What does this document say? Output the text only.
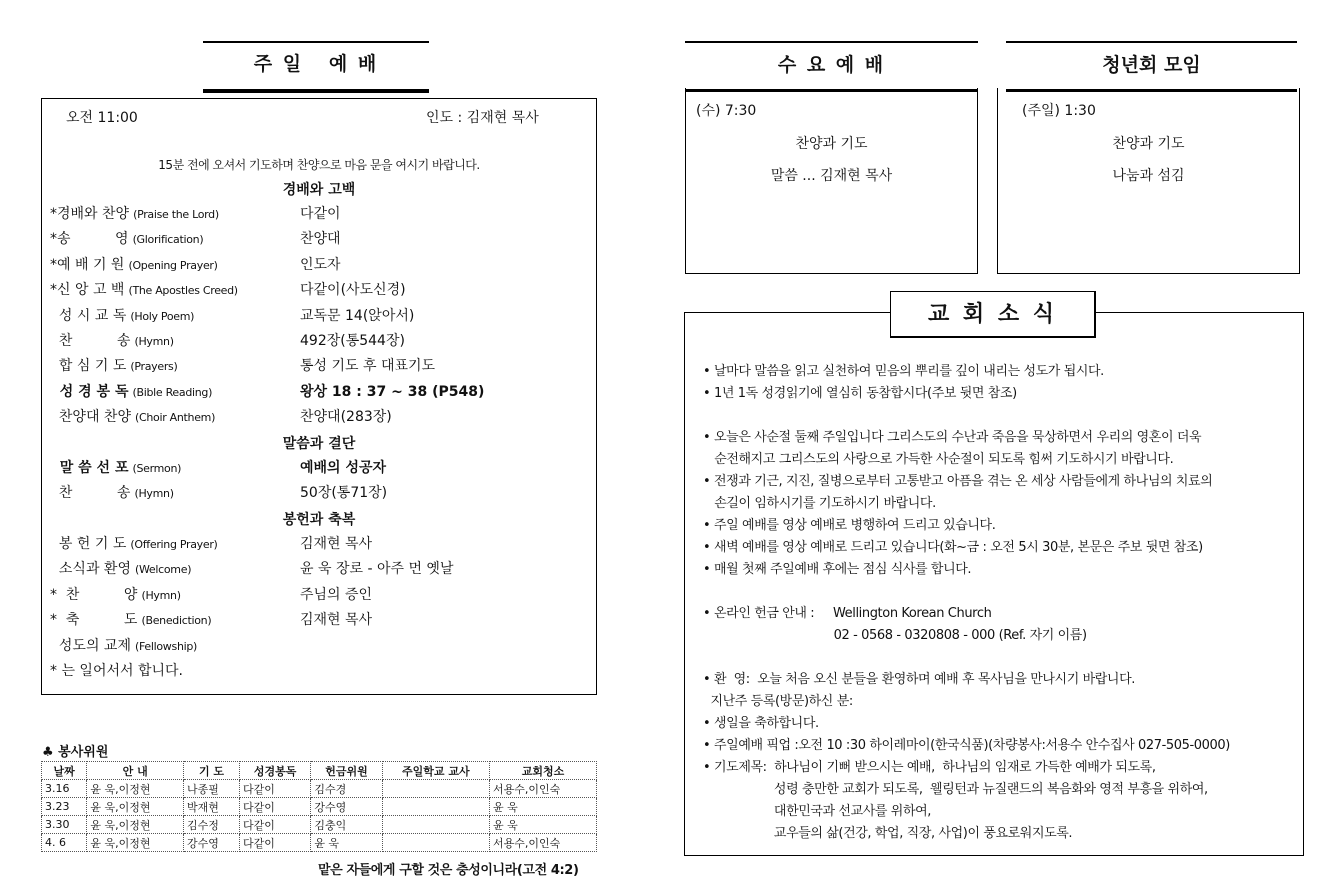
주 일   예 배
오전 11:00	인도 : 김재현 목사
15분 전에 오셔서 기도하며 찬양으로 마음 문을 여시기 바랍니다.
경배와 고백
*경배와 찬양 (Praise the Lord)	다같이
*송          영 (Glorification)	찬양대
*예 배 기 원 (Opening Prayer)	인도자
*신 앙 고 백 (The Apostles Creed)	다같이(사도신경)
성 시 교 독 (Holy Poem)	교독문 14(앉아서)
찬          송 (Hymn)	492장(통544장)
합 심 기 도 (Prayers)	통성 기도 후 대표기도
성 경 봉 독 (Bible Reading)	왕상 18 : 37 ~ 38 (P548)
찬양대 찬양 (Choir Anthem)	찬양대(283장)
말씀과 결단
말 씀 선 포 (Sermon)	예배의 성공자
찬          송 (Hymn)	50장(통71장)
봉헌과 축복
봉 헌 기 도 (Offering Prayer)	김재현 목사
소식과 환영 (Welcome)	윤 욱 장로 - 아주 먼 옛날
*  찬          양 (Hymn)	주님의 증인
*  축          도 (Benediction)	김재현 목사
성도의 교제 (Fellowship)
* 는 일어서서 합니다.
♣ 봉사위원
날짜	안 내	기 도	성경봉독	헌금위원	주일학교 교사	교회청소
3.16	윤 욱,이정현	나종필	다같이	김수경		서용수,이인숙
3.23	윤 욱,이정현	박재현	다같이	강수영		윤 욱
3.30	윤 욱,이정현	김수정	다같이	김충익		윤 욱
4. 6	윤 욱,이정현	강수영	다같이	윤 욱		서용수,이인숙
맡은 자들에게 구할 것은 충성이니라(고전 4:2)
수 요 예 배
(수) 7:30
찬양과 기도
말씀 ... 김재현 목사
청년회 모임
(주일) 1:30
찬양과 기도
나눔과 섬김
• 날마다 말씀을 읽고 실천하여 믿음의 뿌리를 깊이 내리는 성도가 됩시다.
• 1년 1독 성경읽기에 열심히 동참합시다(주보 뒷면 참조)
• 오늘은 사순절 둘째 주일입니다 그리스도의 수난과 죽음을 묵상하면서 우리의 영혼이 더욱
순전해지고 그리스도의 사랑으로 가득한 사순절이 되도록 힘써 기도하시기 바랍니다.
• 전쟁과 기근, 지진, 질병으로부터 고통받고 아픔을 겪는 온 세상 사람들에게 하나님의 치료의
손길이 임하시기를 기도하시기 바랍니다.
• 주일 예배를 영상 예배로 병행하여 드리고 있습니다.
• 새벽 예배를 영상 예배로 드리고 있습니다(화~금 : 오전 5시 30분, 본문은 주보 뒷면 참조)
• 매월 첫째 주일예배 후에는 점심 식사를 합니다.
• 온라인 헌금 안내 :     Wellington Korean Church
02 - 0568 - 0320808 - 000 (Ref. 자기 이름)
• 환  영:  오늘 처음 오신 분들을 환영하며 예배 후 목사님을 만나시기 바랍니다.
지난주 등록(방문)하신 분:
• 생일을 축하합니다.
• 주일예배 픽업 :오전 10 :30 하이레마이(한국식품)(차량봉사:서용수 안수집사 027-505-0000)
• 기도제목:  하나님이 기뻐 받으시는 예배,  하나님의 임재로 가득한 예배가 되도록,
성령 충만한 교회가 되도록,  웰링턴과 뉴질랜드의 복음화와 영적 부흥을 위하여,
대한민국과 선교사를 위하여,
교우들의 삶(건강, 학업, 직장, 사업)이 풍요로워지도록.
교 회 소 식
